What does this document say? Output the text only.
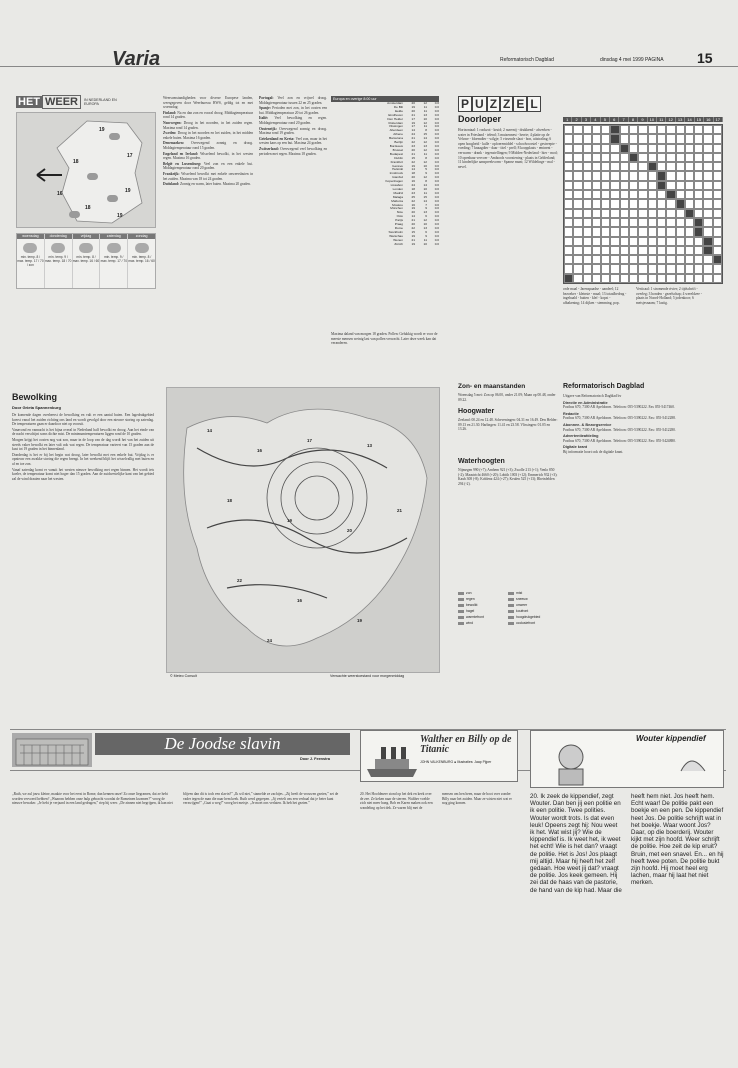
Varia	Reformatorisch Dagblad	dinsdag 4 mei 1999 PAGINA 15
HET WEER	IN NEDERLAND EN EUROPA
19
17
18
16	19
18
19
woensdag
min. temp. 8 / max. temp. 17 / 70 / zon
donderdag
min. temp. 9 / max. temp. 18 / 70
vrijdag
min. temp. 8 / max. temp. 16 / 60
zaterdag
min. temp. 9 / max. temp. 17 / 70
zondag
min. temp. 8 / max. temp. 16 / 60
Bewolking
Door Grieta Spannenburg

De komende dagen overheerst de bewolking en valt er een aantal buien. Een lagedrukgebied koerst vanaf het zuiden richting ons land en wordt gevolgd door een nieuwe storing op zaterdag. De temperaturen gaan er daardoor niet op vooruit.

Vanavond en vannacht is het bijna overal in Nederland half bewolkt en droog. Aan het einde van de nacht verschijnt soms dichte mist. De minimumtemperaturen liggen rond de 10 graden.

Morgen krijgt het oosten nog wat zon, maar in de loop van de dag wordt het van het zuiden uit steeds vaker bewolkt en later valt ook wat regen. De temperatuur varieert van 15 graden aan de kust tot 19 graden in het binnenland.

Donderdag is het er bij het begin wat droog, later bewolkt met een enkele bui. Vrijdag is er opnieuw een zwakke storing die regen brengt. In het weekend blijft het wisselvallig met buien en af en toe zon.

Vanaf zaterdag komt er vanuit het westen nieuwe bewolking met regen binnen. Het wordt iets koeler, de temperatuur komt niet hoger dan 15 graden. Aan de zuidwestelijke kant van het gebied zal de wind draaien naar het westen.

Weersomstandigheden voor diverse Europese landen, weergegeven door Weerbureau HWS, geldig tot en met woensdag:

Finland: Na en dan zon en vooral droog. Middagtemperatuur rond 14 graden.

Noorwegen: Droog in het noorden, in het zuiden regen. Maxima rond 14 graden.

Zweden: Droog in het noorden en het zuiden, in het midden enkele buien. Maxima 16 graden.

Denemarken: Overwegend zonnig en droog. Middagtemperatuur rond 15 graden.

Engeland en Ierland: Wisselend bewolkt, in het westen regen. Maxima 16 graden.

België en Luxemburg: Veel zon en een enkele bui. Middagtemperatuur rond 20 graden.

Frankrijk: Wisselend bewolkt met enkele onweersbuien in het zuiden. Maxima van 18 tot 24 graden.

Duitsland: Zonnig en warm, later buien. Maxima 20 graden.

Portugal: Veel zon en vrijwel droog. Middagtemperatuur tussen 22 en 25 graden.

Spanje: Perioden met zon, in het oosten een bui. Middagtemperatuur 20 tot 26 graden.

Italië: Veel bewolking en regen. Middagtemperatuur rond 20 graden.

Oostenrijk: Overwegend zonnig en droog. Maxima rond 19 graden.

Griekenland en Kreta: Veel zon, maar in het westen kans op een bui. Maxima 24 graden.

Zwitserland: Overwegend veel bewolking en perioden met regen. Maxima 18 graden.

Europa en overige 8:00 uur
Amsterdam	20	12	0.0
De Bilt	19	11	0.0
Eelde	20	11	0.0
Eindhoven	21	13	0.0
Den Helder	17	10	0.0
Rotterdam	19	12	0.0
Vlissingen	17	11	0.0
Aberdeen	14	8	0.0
Athene	24	15	0.0
Barcelona	21	14	0.0
Berlijn	22	12	0.0
Bordeaux	23	13	0.0
Brussel	20	12	0.0
Budapest	21	11	0.0
Dublin	15	8	0.0
Frankfurt	22	12	0.0
Genève	19	10	0.0
Helsinki	14	5	0.0
Innsbruck	18	9	0.0
Istanbul	20	12	0.0
Kopenhagen	16	8	0.0
Lissabon	24	14	0.0
Londen	18	10	0.0
Madrid	23	11	0.0
Malaga	25	15	0.0
Mallorca	22	14	0.0
Moskou	16	7	0.0
München	19	9	0.0
Nice	20	13	0.0
Oslo	14	6	0.0
Parijs	21	12	0.0
Praag	20	10	0.0
Rome	22	13	0.0
Stockholm	15	6	0.0
Warschau	19	9	0.0
Wenen	21	11	0.0
Zürich	19	10	0.0
Maxima daland van morgen 18 graden. Pollen: Gelukkig wordt er voor de meeste mensen weinig last van pollen verwacht. Later deze week kan dat veranderen.
14
16
17
13
18
19
20
21
22
16
19
24
© Meteo Consult	Verwachte weerstoestand voor morgenmiddag
P U Z Z E L
Doorloper
Horizontaal: 1 rookzoi - kruid; 2 razernij - drukkend - afwerken - water in Friesland - telend; 3 muizennest - herrie; 4 platte op de Veluwe - bloemdier - wilgje; 5 vissende slaat - bon, uitstraling; 6 open hoogheid - kalle - opfoeremiddel - schoolvoorstel - gestreepte - voeding; 7 knaagdier - daar - titel - prell; 8 koopplaats - eminent - verwarm - drank - tegenstellingen; 9 Midden-Nederland - hier - mod; 10 openbaar vervoer - Amboods voorziening - plaats in Gelderland; 11 kinderlijke aanspreekvorm - Spanse munt; 12 Wildelinge - mal - nevel.
1	2	3	4	5	6	7	8	9	10	11	12	13	14	15	16	17
orde maal - Jarenspaadse - aandeel; 12 bezoeker - kleinste - maal; 13 totaalbedrag - ingehaald - buiten - klef - kopst - afbakening; 14 dijken - stemming, pop.
Verticaal: 1 stromende rivier; 2 tijdschrift - overleg; 3 honden - gezelschap; 4 wereldzee - plaats in Noord-Holland; 5 jodenkoor; 6 meisjesnaam; 7 lastig.
Zon- en maanstanden
Woensdag 5 mei: Zon op 06.00, onder 21.09; Maan op 00.48, onder 09.22.
Hoogwater
Zeeland: 00.24 en 12.48. Scheveningen: 04.31 en 16.49. Den Helder: 09.13 en 21.30. Harlingen: 11.41 en 23.58. Vlissingen: 01.05 en 13.26.
Waterhoogten
Nijmegen 990 (+7); Arnhem 921 (+3); Zwolle 213 (+1); Venlo 850 (-2); Maastricht 4660 (+20); Lobith 1003 (+12); Emmerich 932 (+3); Kaub 308 (-8); Koblenz 424 (+27); Keulen 525 (+13); Rheinfelden 294 (-2).
zon	mist
regen	sneeuw
bewolkt	onweer
hagel	koufront
warmtefront	hoogdrukgebied
wind	occlusiefront
Reformatorisch Dagblad

Uitgave van Reformatorisch Dagblad bv

Directie en Administratie

Postbus 670, 7300 AR Apeldoorn. Telefoon: 055-5390222. Fax 055-5417460.

Redactie

Postbus 670, 7300 AR Apeldoorn. Telefoon: 055-5390222. Fax: 055-5412288.

Abonnee- & Bezorgservice

Postbus 670, 7300 AR Apeldoorn. Telefoon: 055-5390222. Fax: 055-5412280.

Advertentieafdeling

Postbus 670, 7300 AR Apeldoorn. Telefoon: 055-5390222. Fax: 055-5424880.

Digitale krant

Bij informatie hoort ook de digitale krant.

De Joodse slavin
Door J. Feenstra
„Ruth, we zul jouw kleine, maakte voor het eerst in Rome, dan kennen onze! Zo onze liegramen, dat ze hebt worden vervoerd hebben? „Waarom hebben onze hulp gebracht voordat de Romeinen kwamen?” vroeg de nieuwe bewaker. „Je hebt je verjaard in een land gedragen,” riep hij weer. „De zinnen niet begrijpen, ik kan niet blijven dan dit is toch een slavin?” „Ik wil niet,” stamelde ze zachtjes. „Zij heeft de vrouwen gezien,” zei de vader tegen de man die naar hem keek. Ruth werd gegrepen. „Jij vertelt ons een verhaal dat je beter kunt verzwijgen!” „Gaat u weg!” vroeg het meisje. „Je moet ons verlaten. Ik heb het gezien.”
Walther en Billy op de Titanic
JOHN VALKENBURG ∎ Illustraties: Jaap Pijper
20. Het Hoofdmeer stond op het dek en keek over de zee. Ze keken naar de sterren. Walther voelde zich niet meer bang. Bob en Karen maken ook een wandeling op het dek. Ze waren blij met de mensen om hen heen, maar de boot voer zonder Billy naar het zuiden. Maar ze wisten niet wat er nog ging komen.
Wouter kippendief
20. Ik zeek de kippendief, zegt Wouter. Dan ben jij een politie en ik een politie. Twee polities. Wouter wordt trots. Is dat even leuk! Opeens zegt hij: Nou weet ik het. Wat wist jij? Wie de kippendief is. Ik weet het, ik weet het echt! Wie is het dan? vraagt de politie. Het is Jos! Jos plaagt mij altijd. Maar hij heeft het zelf gedaan. Hoe weet jij dat? vraagt de politie. Jos keek gemeen. Hij zei dat de haas van de pastorie, de hand van de kip had. Maar die heeft hem niet. Jos heeft hem. Echt waar! De politie pakt een boekje en een pen. De kippendief heet Jos. De politie schrijft wat in het boekje. Waar woont Jos? Daar, op die boerderij. Wouter kijkt met zijn hoofd. Weer schrijft de politie. Hoe zeit de kip eruit? Bruin, met een snavel. En... en hij heeft twee poten. De politie bukt zijn hoofd. Hij moet heel erg lachen, maar hij laat het niet merken.
